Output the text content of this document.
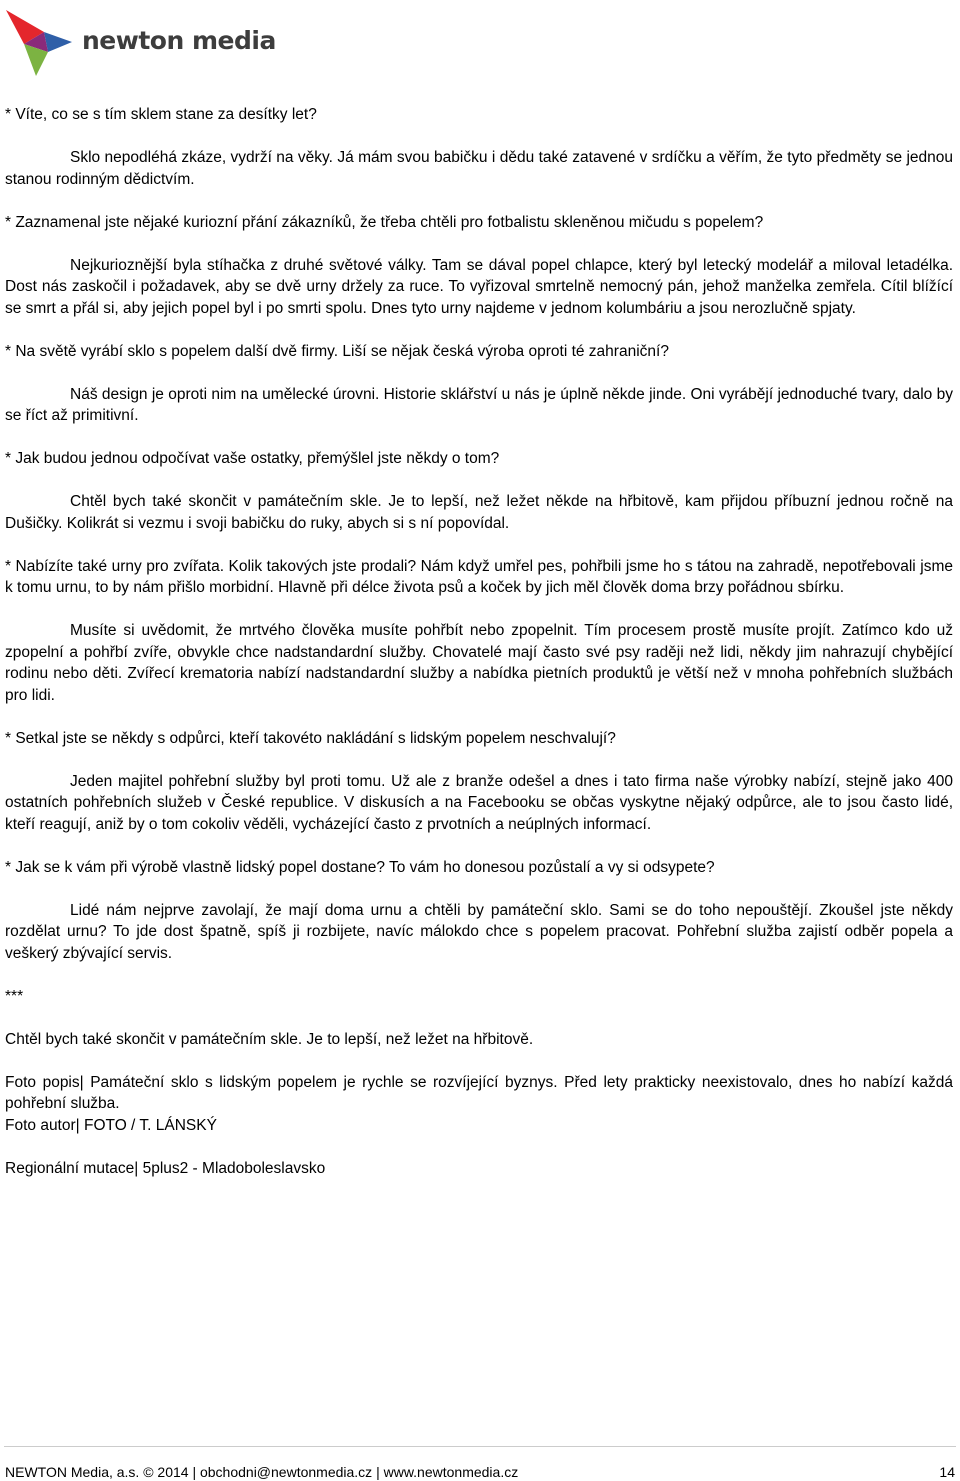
newton media

* Víte, co se s tím sklem stane za desítky let?

Sklo nepodléhá zkáze, vydrží na věky. Já mám svou babičku i dědu také zatavené v srdíčku a věřím, že tyto předměty se jednou stanou rodinným dědictvím.

* Zaznamenal jste nějaké kuriozní přání zákazníků, že třeba chtěli pro fotbalistu skleněnou mičudu s popelem?

Nejkurioznější byla stíhačka z druhé světové války. Tam se dával popel chlapce, který byl letecký modelář a miloval letadélka. Dost nás zaskočil i požadavek, aby se dvě urny držely za ruce. To vyřizoval smrtelně nemocný pán, jehož manželka zemřela. Cítil blížící se smrt a přál si, aby jejich popel byl i po smrti spolu. Dnes tyto urny najdeme v jednom kolumbáriu a jsou nerozlučně spjaty.

* Na světě vyrábí sklo s popelem další dvě firmy. Liší se nějak česká výroba oproti té zahraniční?

Náš design je oproti nim na umělecké úrovni. Historie sklářství u nás je úplně někde jinde. Oni vyrábějí jednoduché tvary, dalo by se říct až primitivní.

* Jak budou jednou odpočívat vaše ostatky, přemýšlel jste někdy o tom?

Chtěl bych také skončit v památečním skle. Je to lepší, než ležet někde na hřbitově, kam přijdou příbuzní jednou ročně na Dušičky. Kolikrát si vezmu i svoji babičku do ruky, abych si s ní popovídal.

* Nabízíte také urny pro zvířata. Kolik takových jste prodali? Nám když umřel pes, pohřbili jsme ho s tátou na zahradě, nepotřebovali jsme k tomu urnu, to by nám přišlo morbidní. Hlavně při délce života psů a koček by jich měl člověk doma brzy pořádnou sbírku.

Musíte si uvědomit, že mrtvého člověka musíte pohřbít nebo zpopelnit. Tím procesem prostě musíte projít. Zatímco kdo už zpopelní a pohřbí zvíře, obvykle chce nadstandardní služby. Chovatelé mají často své psy raději než lidi, někdy jim nahrazují chybějící rodinu nebo děti. Zvířecí krematoria nabízí nadstandardní služby a nabídka pietních produktů je větší než v mnoha pohřebních službách pro lidi.

* Setkal jste se někdy s odpůrci, kteří takovéto nakládání s lidským popelem neschvalují?

Jeden majitel pohřební služby byl proti tomu. Už ale z branže odešel a dnes i tato firma naše výrobky nabízí, stejně jako 400 ostatních pohřebních služeb v České republice. V diskusích a na Facebooku se občas vyskytne nějaký odpůrce, ale to jsou často lidé, kteří reagují, aniž by o tom cokoliv věděli, vycházející často z prvotních a neúplných informací.

* Jak se k vám při výrobě vlastně lidský popel dostane? To vám ho donesou pozůstalí a vy si odsypete?

Lidé nám nejprve zavolají, že mají doma urnu a chtěli by památeční sklo. Sami se do toho nepouštějí. Zkoušel jste někdy rozdělat urnu? To jde dost špatně, spíš ji rozbijete, navíc málokdo chce s popelem pracovat. Pohřební služba zajistí odběr popela a veškerý zbývající servis.

***

Chtěl bych také skončit v památečním skle. Je to lepší, než ležet na hřbitově.

Foto popis| Památeční sklo s lidským popelem je rychle se rozvíjející byznys. Před lety prakticky neexistovalo, dnes ho nabízí každá pohřební služba.

Foto autor| FOTO / T. LÁNSKÝ

Regionální mutace| 5plus2 - Mladoboleslavsko

NEWTON Media, a.s. © 2014 | obchodni@newtonmedia.cz | www.newtonmedia.cz	14
